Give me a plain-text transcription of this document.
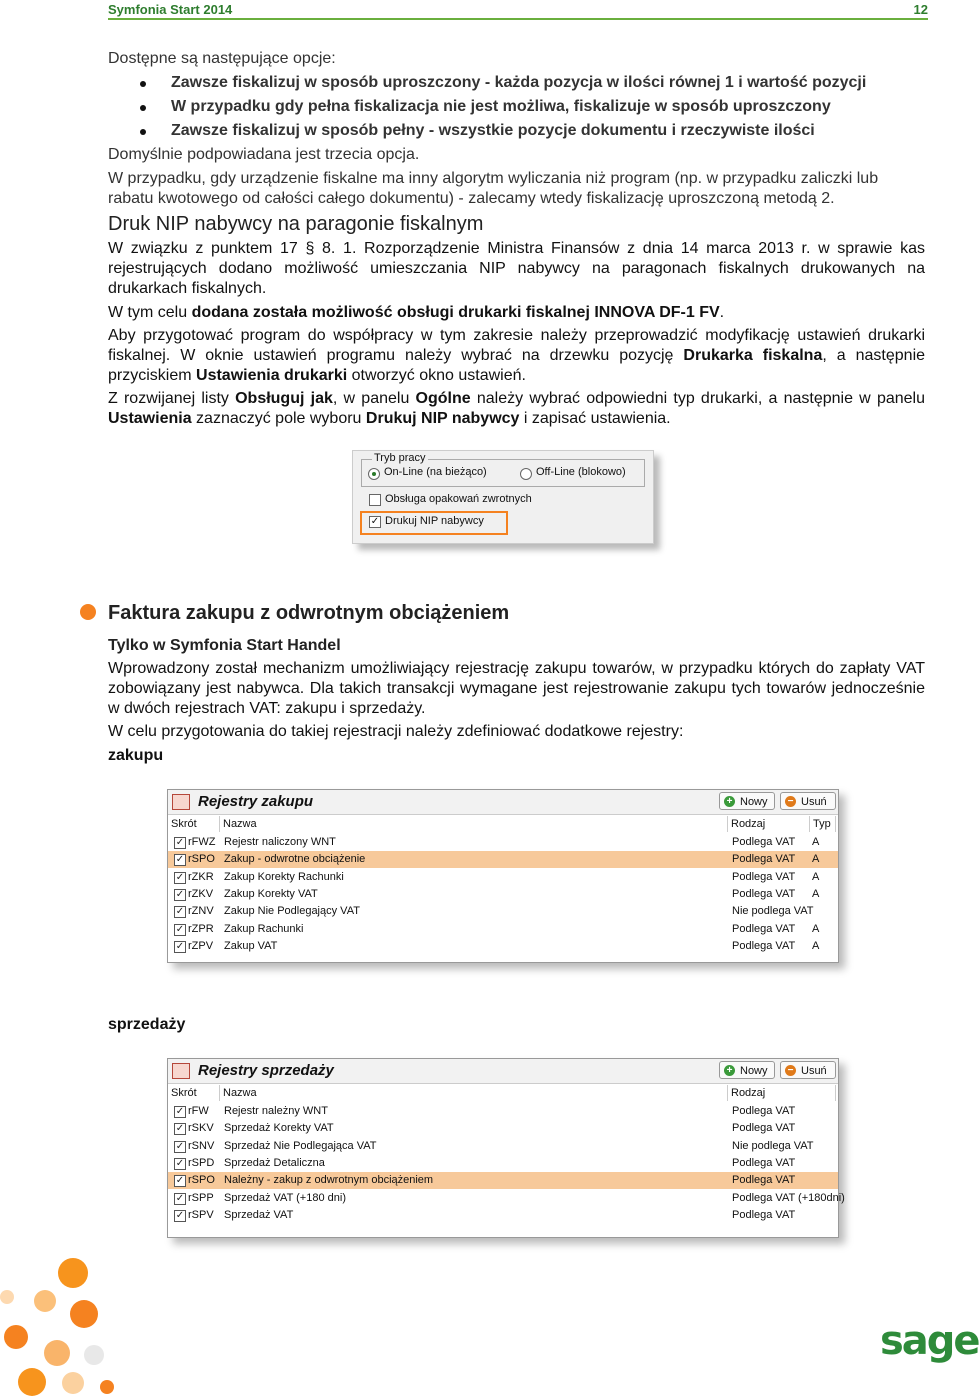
Symfonia Start 2014	12
Dostępne są następujące opcje:
Zawsze fiskalizuj w sposób uproszczony - każda pozycja w ilości równej 1 i wartość pozycji
W przypadku gdy pełna fiskalizacja nie jest możliwa, fiskalizuje w sposób uproszczony
Zawsze fiskalizuj w sposób pełny - wszystkie pozycje dokumentu i rzeczywiste ilości
Domyślnie podpowiadana jest trzecia opcja.
W przypadku, gdy urządzenie fiskalne ma inny algorytm wyliczania niż program (np. w przypadku zaliczki lub rabatu kwotowego od całości całego dokumentu) - zalecamy wtedy fiskalizację uproszczoną metodą 2.
Druk NIP nabywcy na paragonie fiskalnym
W związku z punktem 17 § 8. 1. Rozporządzenie Ministra Finansów z dnia 14 marca 2013 r. w sprawie kas rejestrujących dodano możliwość umieszczania NIP nabywcy na paragonach fiskalnych drukowanych na drukarkach fiskalnych.
W tym celu dodana została możliwość obsługi drukarki fiskalnej INNOVA DF-1 FV.
Aby przygotować program do współpracy w tym zakresie należy przeprowadzić modyfikację ustawień drukarki fiskalnej. W oknie ustawień programu należy wybrać na drzewku pozycję Drukarka fiskalna, a następnie przyciskiem Ustawienia drukarki otworzyć okno ustawień.
Z rozwijanej listy Obsługuj jak, w panelu Ogólne należy wybrać odpowiedni typ drukarki, a następnie w panelu Ustawienia zaznaczyć pole wyboru Drukuj NIP nabywcy i zapisać ustawienia.
Tryb pracy
On-Line (na bieżąco)	Off-Line (blokowo)
Obsługa opakowań zwrotnych
✓ Drukuj NIP nabywcy
Faktura zakupu z odwrotnym obciążeniem
Tylko w Symfonia Start Handel
Wprowadzony został mechanizm umożliwiający rejestrację zakupu towarów, w przypadku których do zapłaty VAT zobowiązany jest nabywca. Dla takich transakcji wymagane jest rejestrowanie zakupu tych towarów jednocześnie w dwóch rejestrach VAT: zakupu i sprzedaży.
W celu przygotowania do takiej rejestracji należy zdefiniować dodatkowe rejestry:
zakupu
Rejestry zakupu	+ Nowy	− Usuń
Skrót	Nazwa	Rodzaj	Typ
✓ rFWZ Rejestr naliczony WNT	Podlega VAT A
✓ rSPO Zakup - odwrotne obciążenie	Podlega VAT A
✓ rZKR Zakup Korekty Rachunki	Podlega VAT A
✓ rZKV Zakup Korekty VAT	Podlega VAT A
✓ rZNV Zakup Nie Podlegający VAT	Nie podlega VAT
✓ rZPR Zakup Rachunki	Podlega VAT A
✓ rZPV Zakup VAT	Podlega VAT A
sprzedaży
Rejestry sprzedaży	+ Nowy	− Usuń
Skrót	Nazwa	Rodzaj
✓ rFW Rejestr należny WNT	Podlega VAT
✓ rSKV Sprzedaż Korekty VAT	Podlega VAT
✓ rSNV Sprzedaż Nie Podlegająca VAT	Nie podlega VAT
✓ rSPD Sprzedaż Detaliczna	Podlega VAT
✓ rSPO Należny - zakup z odwrotnym obciążeniem	Podlega VAT
✓ rSPP Sprzedaż VAT (+180 dni)	Podlega VAT (+180dni)
✓ rSPV Sprzedaż VAT	Podlega VAT
sage
